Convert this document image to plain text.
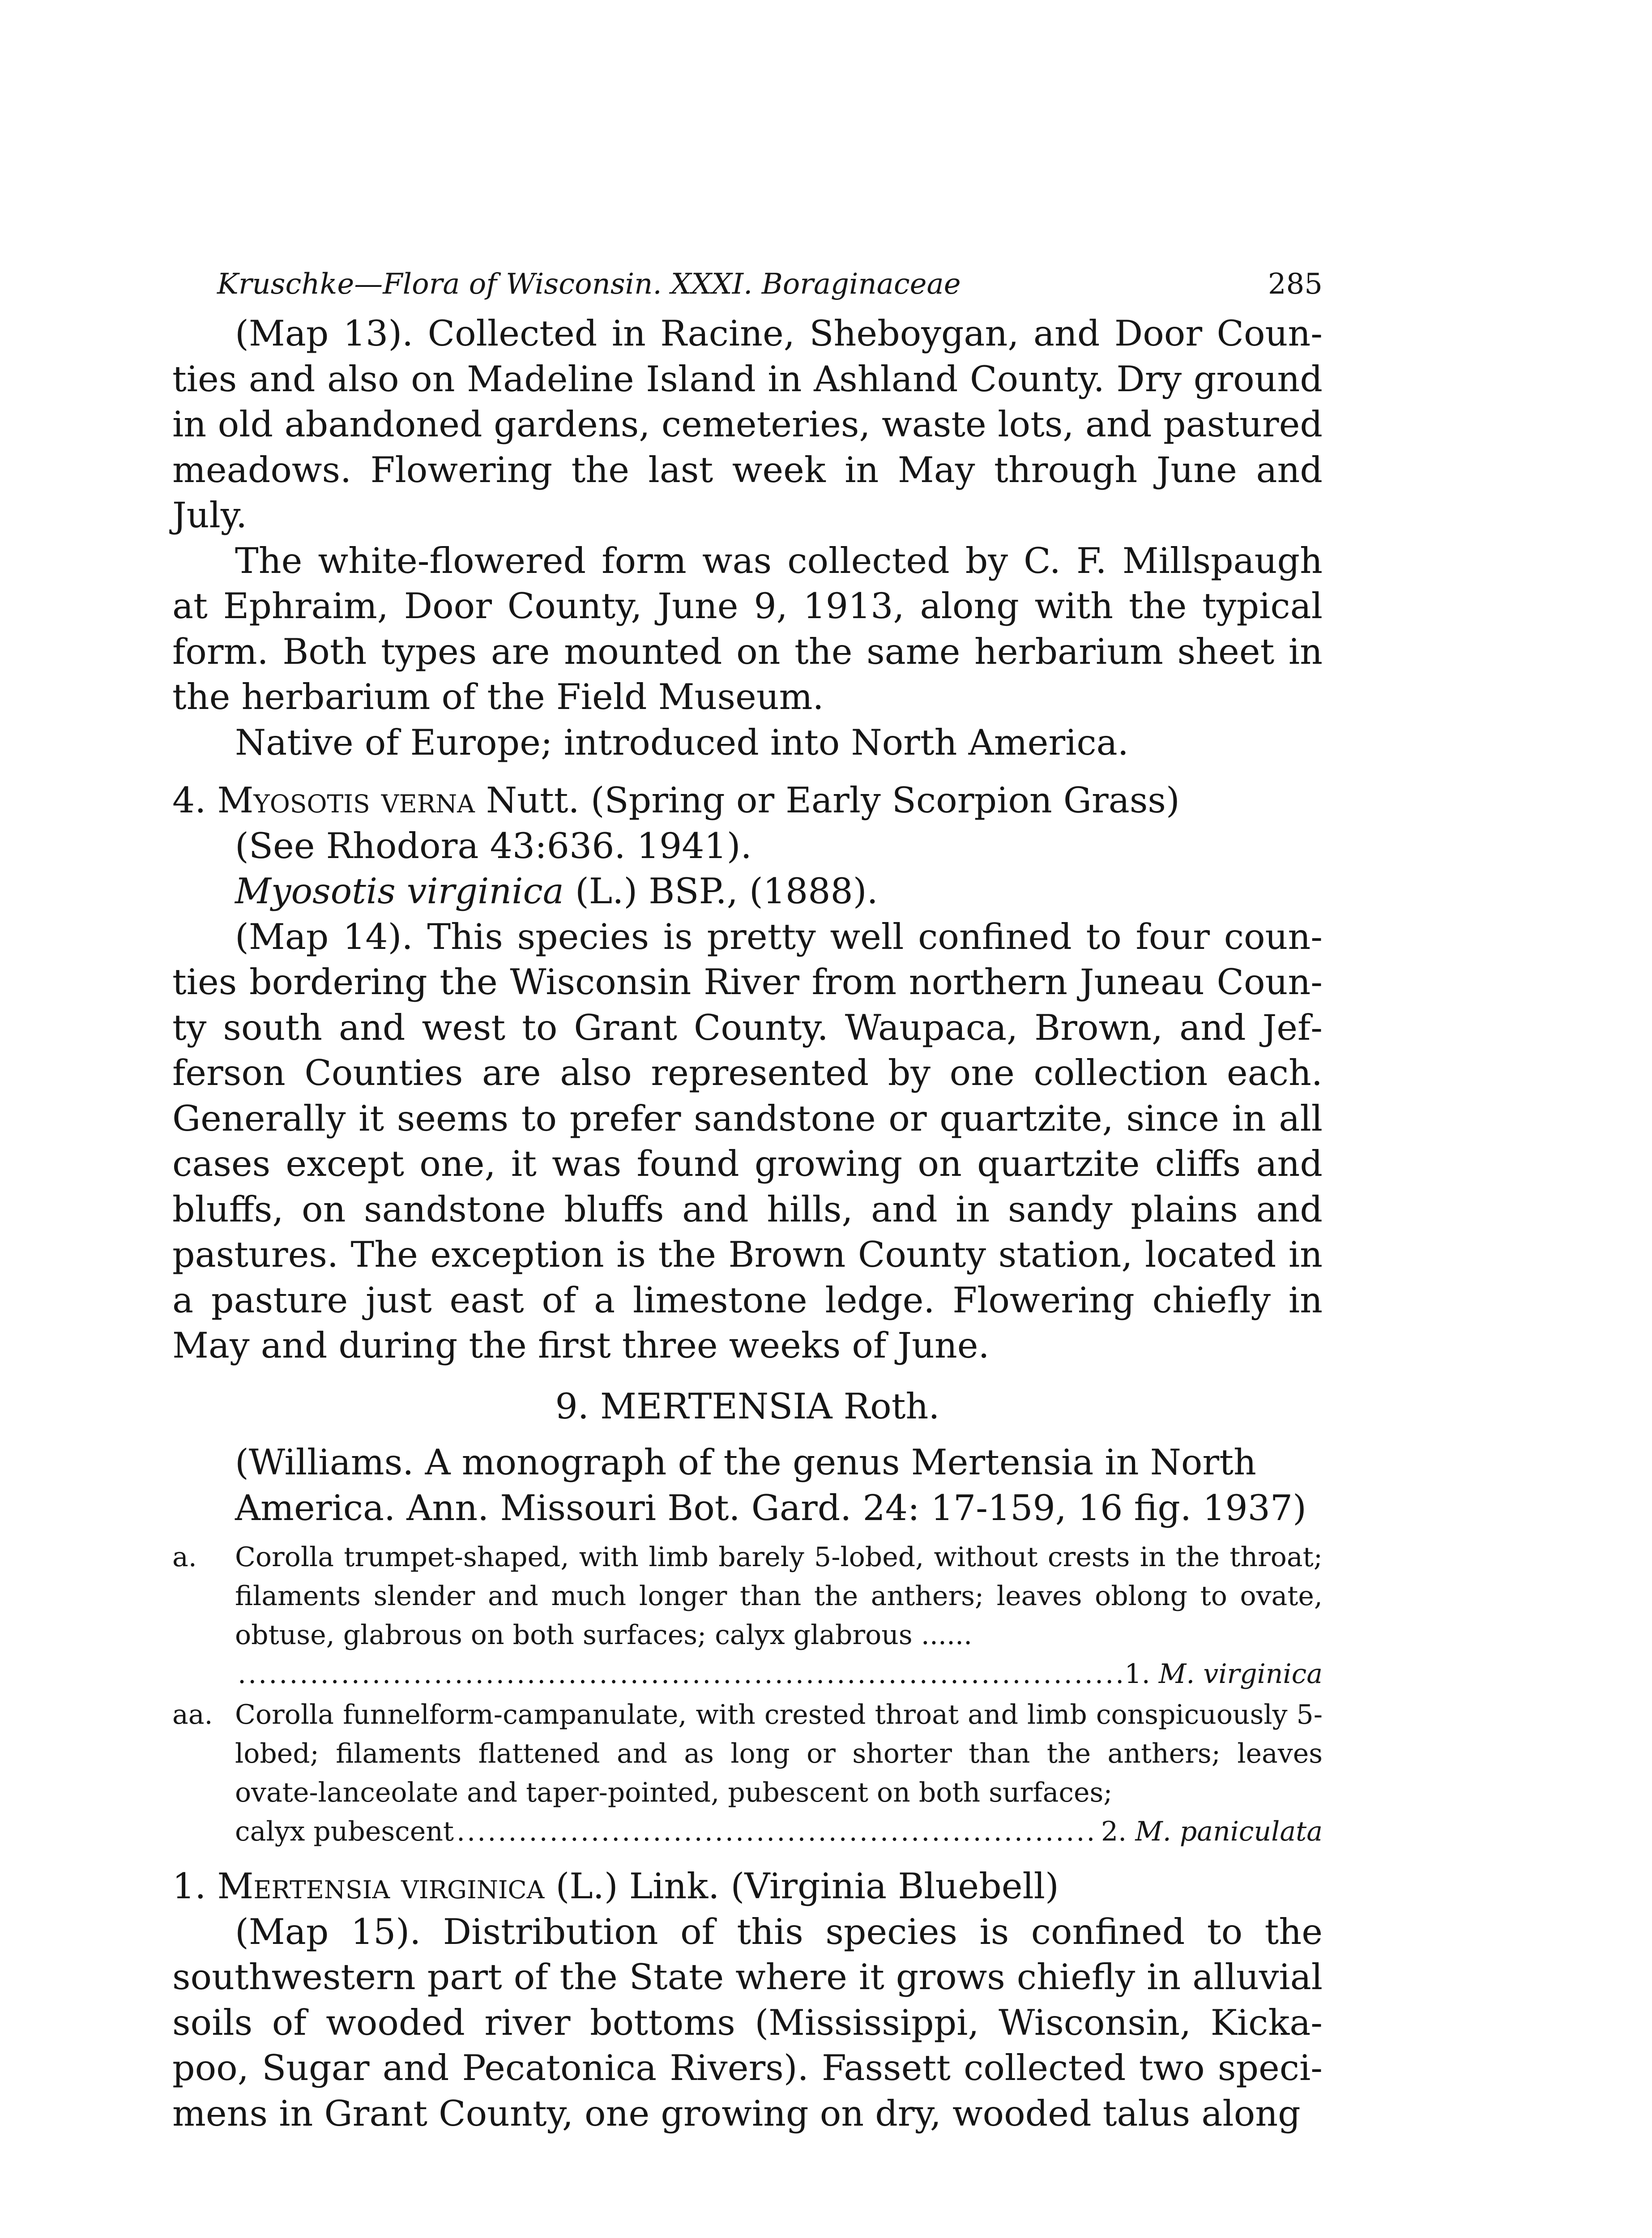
Kruschke—Flora of Wisconsin. XXXI. Boraginaceae	285

(Map 13). Collected in Racine, Sheboygan, and Door Counties and also on Madeline Island in Ashland County. Dry ground in old abandoned gardens, cemeteries, waste lots, and pastured meadows. Flowering the last week in May through June and July.

The white-flowered form was collected by C. F. Millspaugh at Ephraim, Door County, June 9, 1913, along with the typical form. Both types are mounted on the same herbarium sheet in the herbarium of the Field Museum.

Native of Europe; introduced into North America.

4. Myosotis verna Nutt. (Spring or Early Scorpion Grass)

(See Rhodora 43:636. 1941).

Myosotis virginica (L.) BSP., (1888).

(Map 14). This species is pretty well confined to four counties bordering the Wisconsin River from northern Juneau County south and west to Grant County. Waupaca, Brown, and Jefferson Counties are also represented by one collection each. Generally it seems to prefer sandstone or quartzite, since in all cases except one, it was found growing on quartzite cliffs and bluffs, on sandstone bluffs and hills, and in sandy plains and pastures. The exception is the Brown County station, located in a pasture just east of a limestone ledge. Flowering chiefly in May and during the first three weeks of June.

9. MERTENSIA Roth.

(Williams. A monograph of the genus Mertensia in North

America. Ann. Missouri Bot. Gard. 24: 17-159, 16 fig. 1937)

a. Corolla trumpet-shaped, with limb barely 5-lobed, without crests in the throat; filaments slender and much longer than the anthers; leaves oblong to ovate, obtuse, glabrous on both surfaces; calyx glabrous ......
.....
1. M. virginica
aa. Corolla funnelform-campanulate, with crested throat and limb conspicuously 5-lobed; filaments flattened and as long or shorter than the anthers; leaves ovate-lanceolate and taper-pointed, pubescent on both surfaces;
calyx pubescent .....	2. M. paniculata

1. Mertensia virginica (L.) Link. (Virginia Bluebell)

(Map 15). Distribution of this species is confined to the southwestern part of the State where it grows chiefly in alluvial soils of wooded river bottoms (Mississippi, Wisconsin, Kickapoo, Sugar and Pecatonica Rivers). Fassett collected two specimens in Grant County, one growing on dry, wooded talus along
